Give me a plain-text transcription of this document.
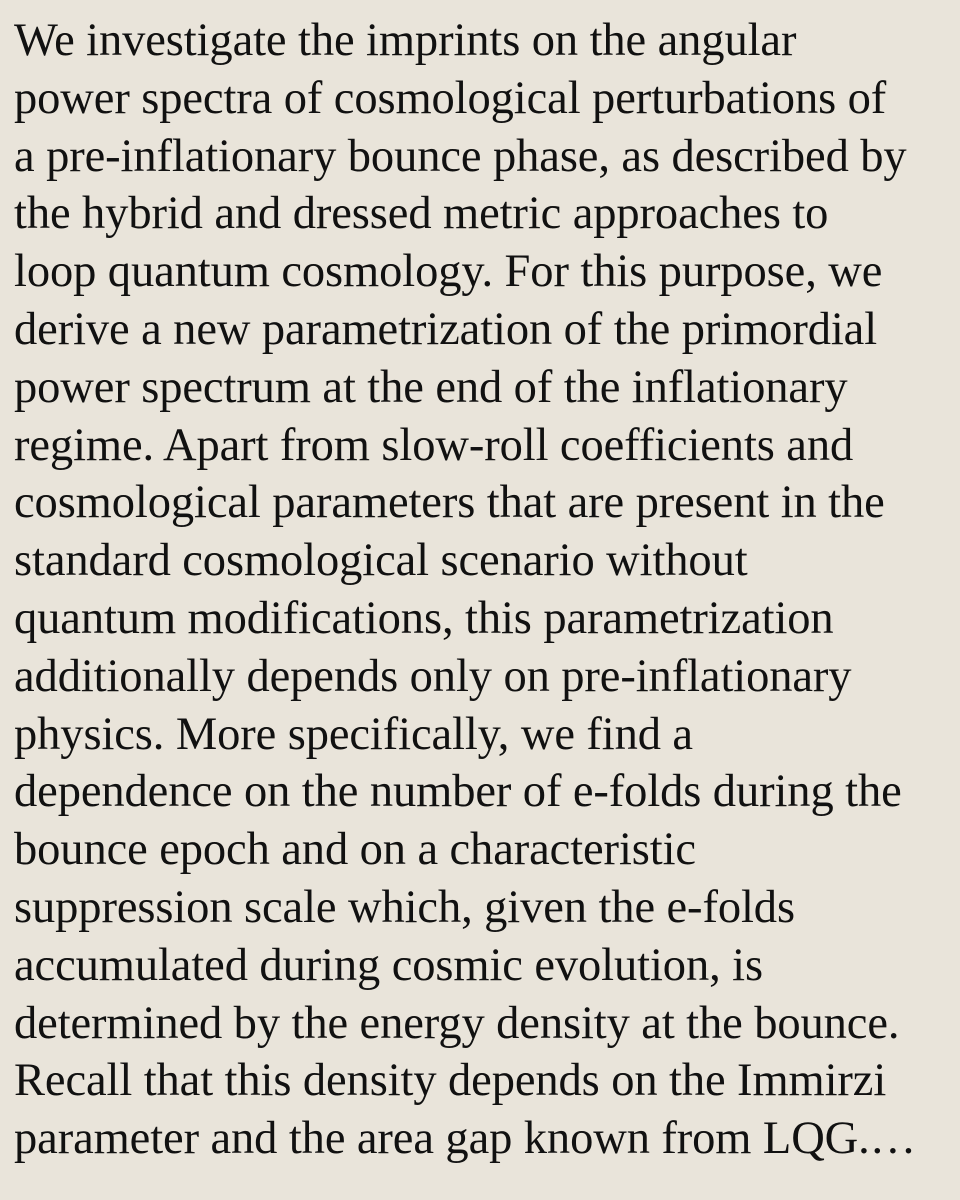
We investigate the imprints on the angular
power spectra of cosmological perturbations of
a pre-inflationary bounce phase, as described by
the hybrid and dressed metric approaches to
loop quantum cosmology. For this purpose, we
derive a new parametrization of the primordial
power spectrum at the end of the inflationary
regime. Apart from slow-roll coefficients and
cosmological parameters that are present in the
standard cosmological scenario without
quantum modifications, this parametrization
additionally depends only on pre-inflationary
physics. More specifically, we find a
dependence on the number of e-folds during the
bounce epoch and on a characteristic
suppression scale which, given the e-folds
accumulated during cosmic evolution, is
determined by the energy density at the bounce.
Recall that this density depends on the Immirzi
parameter and the area gap known from LQG.…
